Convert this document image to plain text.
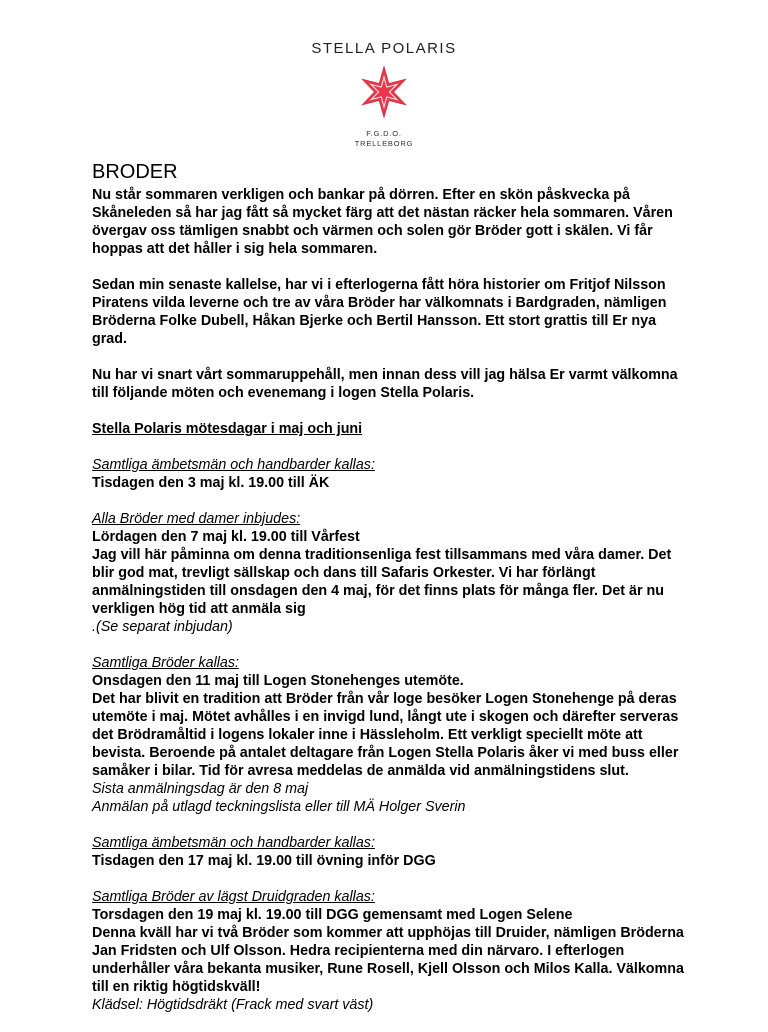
STELLA POLARIS
F.G.D.O.
TRELLEBORG
BRODER

Nu står sommaren verkligen och bankar på dörren. Efter en skön påskvecka på Skåneleden så har jag fått så mycket färg att det nästan räcker hela sommaren. Våren övergav oss tämligen snabbt och värmen och solen gör Bröder gott i skälen. Vi får hoppas att det håller i sig hela sommaren.

Sedan min senaste kallelse, har vi i efterlogerna fått höra historier om Fritjof Nilsson Piratens vilda leverne och tre av våra Bröder har välkomnats i Bardgraden, nämligen Bröderna Folke Dubell, Håkan Bjerke och Bertil Hansson. Ett stort grattis till Er nya grad.

Nu har vi snart vårt sommaruppehåll, men innan dess vill jag hälsa Er varmt välkomna till följande möten och evenemang i logen Stella Polaris.

Stella Polaris mötesdagar i maj och juni

Samtliga ämbetsmän och handbarder kallas:
Tisdagen den 3 maj kl. 19.00 till ÄK
Alla Bröder med damer inbjudes:
Lördagen den 7 maj kl. 19.00 till Vårfest
Jag vill här påminna om denna traditionsenliga fest tillsammans med våra damer. Det blir god mat, trevligt sällskap och dans till Safaris Orkester. Vi har förlängt anmälningstiden till onsdagen den 4 maj, för det finns plats för många fler. Det är nu verkligen hög tid att anmäla sig
.(Se separat inbjudan)
Samtliga Bröder kallas:
Onsdagen den 11 maj till Logen Stonehenges utemöte.
Det har blivit en tradition att Bröder från vår loge besöker Logen Stonehenge på deras utemöte i maj. Mötet avhålles i en invigd lund, långt ute i skogen och därefter serveras det Brödramåltid i logens lokaler inne i Hässleholm. Ett verkligt speciellt möte att bevista. Beroende på antalet deltagare från Logen Stella Polaris åker vi med buss eller samåker i bilar. Tid för avresa meddelas de anmälda vid anmälningstidens slut.
Sista anmälningsdag är den 8 maj
Anmälan på utlagd teckningslista eller till MÄ Holger Sverin
Samtliga ämbetsmän och handbarder kallas:
Tisdagen den 17 maj kl. 19.00 till övning inför DGG
Samtliga Bröder av lägst Druidgraden kallas:
Torsdagen den 19 maj kl. 19.00 till DGG gemensamt med Logen Selene
Denna kväll har vi två Bröder som kommer att upphöjas till Druider, nämligen Bröderna Jan Fridsten och Ulf Olsson. Hedra recipienterna med din närvaro. I efterlogen underhåller våra bekanta musiker, Rune Rosell, Kjell Olsson och Milos Kalla. Välkomna till en riktig högtidskväll!
Klädsel: Högtidsdräkt (Frack med svart väst)
